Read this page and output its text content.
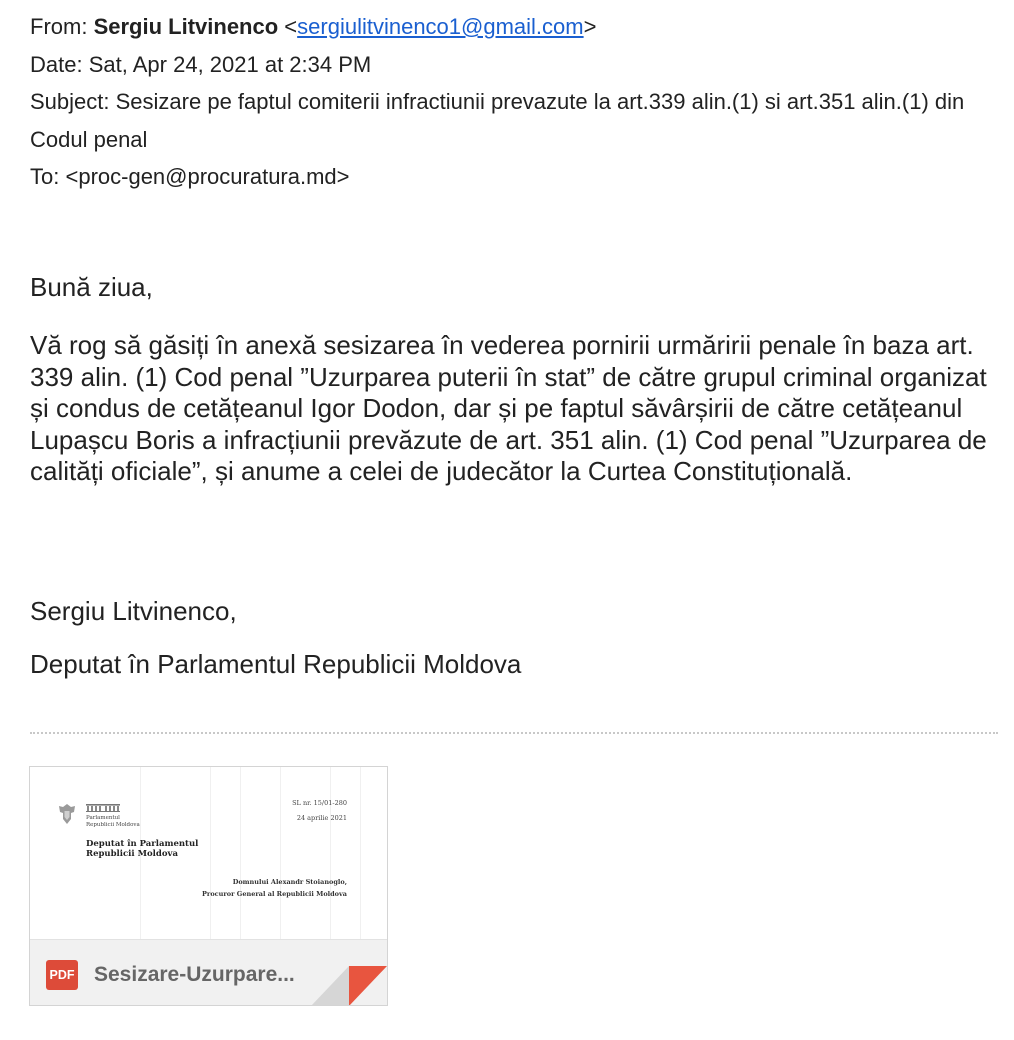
From: Sergiu Litvinenco <sergiulitvinenco1@gmail.com>
Date: Sat, Apr 24, 2021 at 2:34 PM
Subject: Sesizare pe faptul comiterii infractiunii prevazute la art.339 alin.(1) si art.351 alin.(1) din Codul penal
To: <proc-gen@procuratura.md>
Bună ziua,
Vă rog să găsiți în anexă sesizarea în vederea pornirii urmăririi penale în baza art. 339 alin. (1) Cod penal ”Uzurparea puterii în stat” de către grupul criminal organizat și condus de cetățeanul Igor Dodon, dar și pe faptul săvârșirii de către cetățeanul Lupașcu Boris a infracțiunii prevăzute de art. 351 alin. (1) Cod penal ”Uzurparea de calități oficiale”, și anume a celei de judecător la Curtea Constituțională.
Sergiu Litvinenco,
Deputat în Parlamentul Republicii Moldova
Parlamentul
Republicii Moldova
Deputat în Parlamentul
Republicii Moldova
SL nr. 15/01-280
24 aprilie 2021
Domnului Alexandr Stoianoglo,
Procuror General al Republicii Moldova
PDF Sesizare-Uzurpare...
